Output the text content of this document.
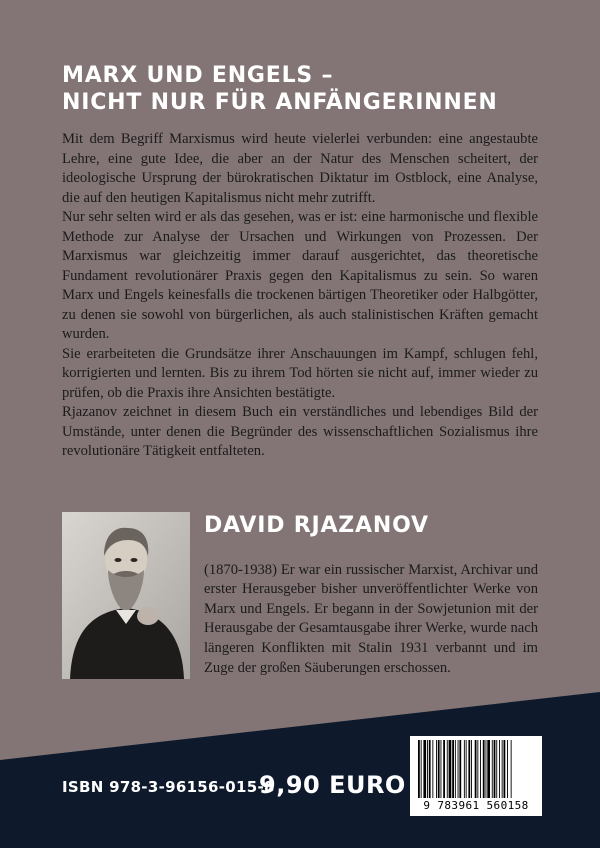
MARX UND ENGELS –
NICHT NUR FÜR ANFÄNGERINNEN

Mit dem Begriff Marxismus wird heute vielerlei verbunden: eine angestaubte Lehre, eine gute Idee, die aber an der Natur des Menschen scheitert, der ideologische Ursprung der bürokratischen Diktatur im Ostblock, eine Analyse, die auf den heutigen Kapitalismus nicht mehr zutrifft.

Nur sehr selten wird er als das gesehen, was er ist: eine harmonische und flexible Methode zur Analyse der Ursachen und Wirkungen von Prozessen. Der Marxismus war gleichzeitig immer darauf ausgerichtet, das theoretische Fundament revolutionärer Praxis gegen den Kapitalismus zu sein. So waren Marx und Engels keinesfalls die trockenen bärtigen Theoretiker oder Halbgötter, zu denen sie sowohl von bürgerlichen, als auch stalinistischen Kräften gemacht wurden.

Sie erarbeiteten die Grundsätze ihrer Anschauungen im Kampf, schlugen fehl, korrigierten und lernten. Bis zu ihrem Tod hörten sie nicht auf, immer wieder zu prüfen, ob die Praxis ihre Ansichten bestätigte.

Rjazanov zeichnet in diesem Buch ein verständliches und lebendiges Bild der Umstände, unter denen die Begründer des wissenschaftlichen Sozialismus ihre revolutionäre Tätigkeit entfalteten.

DAVID RJAZANOV

(1870-1938) Er war ein russischer Marxist, Archivar und erster Herausgeber bisher unveröffentlichter Werke von Marx und Engels. Er begann in der Sowjetunion mit der Herausgabe der Gesamtausgabe ihrer Werke, wurde nach längeren Konflikten mit Stalin 1931 verbannt und im Zuge der großen Säuberungen erschossen.

ISBN 978-3-96156-015-8
9,90 EURO
9 783961 560158
